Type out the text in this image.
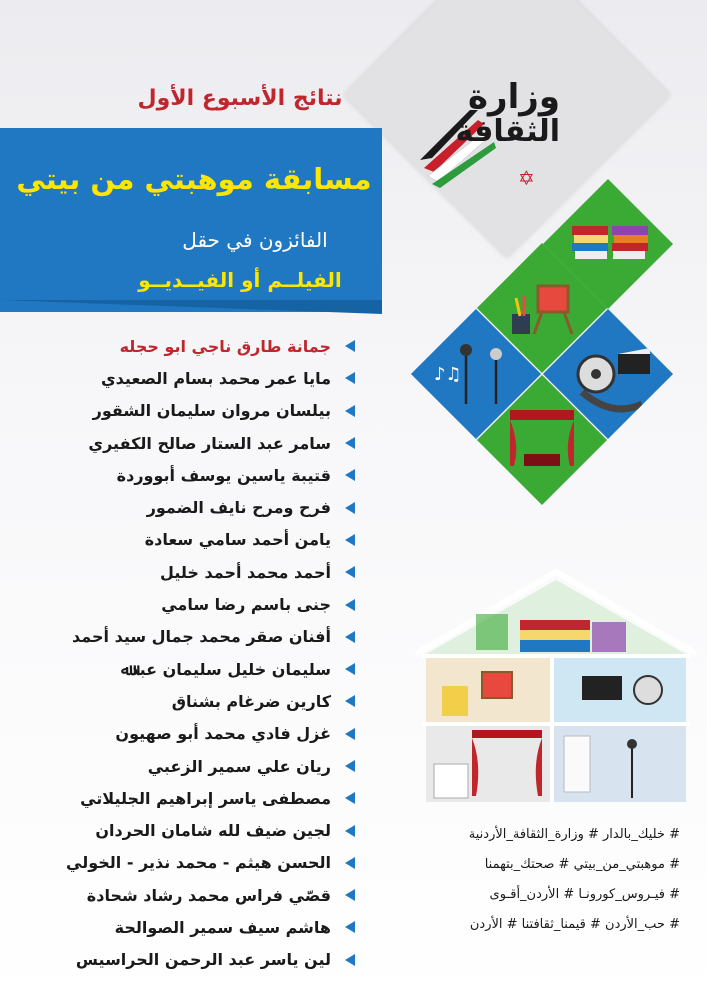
وزارة
الثقافة
✡
نتائج الأسبوع الأول
مسابقة موهبتي من بيتي
الفائزون في حقل
الفيلــم أو الفيــديــو
♪♫
جمانة طارق ناجي ابو حجله
مايا عمر محمد بسام الصعيدي
بيلسان مروان سليمان الشقور
سامر عبد الستار صالح الكفيري
قتيبة ياسين يوسف أبووردة
فرح ومرح نايف الضمور
يامن أحمد سامي سعادة
أحمد محمد أحمد خليل
جنى باسم رضا سامي
أفنان صقر محمد جمال سيد أحمد
سليمان خليل سليمان عبدﷲ
كارين ضرغام بشناق
غزل فادي محمد أبو صهيون
ريان علي سمير الزعبي
مصطفى ياسر إبراهيم الجليلاتي
لجين ضيف لله شامان الحردان
الحسن هيثم - محمد نذير - الخولي
قصّي فراس محمد رشاد شحادة
هاشم سيف سمير الصوالحة
لين ياسر عبد الرحمن الحراسيس
# خليك_بالدار # وزارة_الثقافة_الأردنية
# موهبتي_من_بيتي # صحتك_بتهمنا
# فيـروس_كورونـا # الأردن_أقـوى
# حب_الأردن # قيمنا_ثقافتنا # الأردن
